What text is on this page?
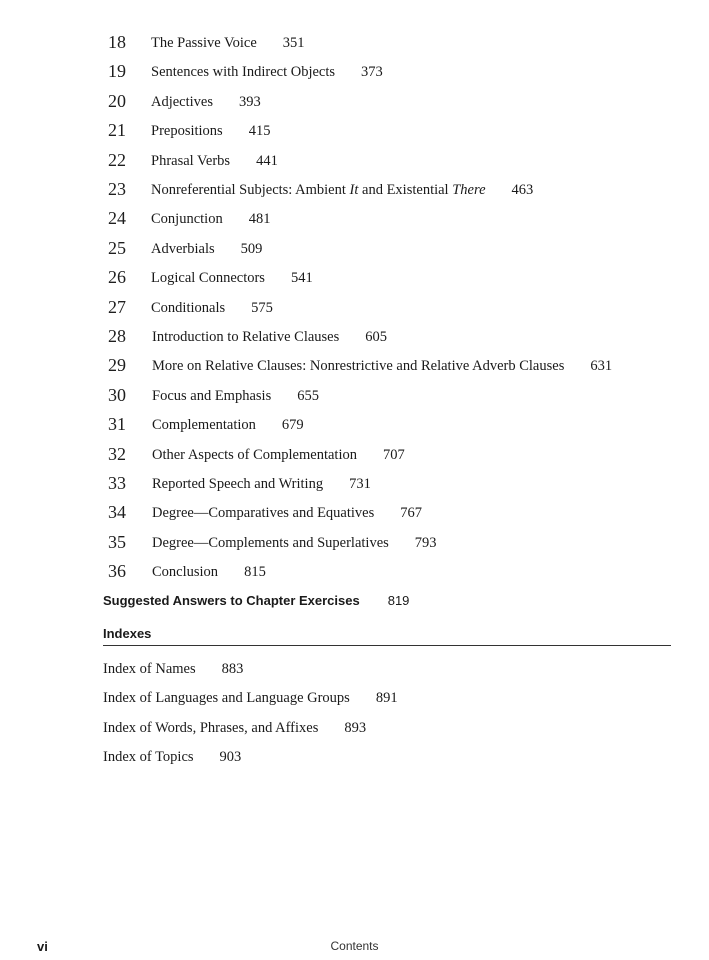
18 The Passive Voice 351
19 Sentences with Indirect Objects 373
20 Adjectives 393
21 Prepositions 415
22 Phrasal Verbs 441
23 Nonreferential Subjects: Ambient It and Existential There 463
24 Conjunction 481
25 Adverbials 509
26 Logical Connectors 541
27 Conditionals 575
28 Introduction to Relative Clauses 605
29 More on Relative Clauses: Nonrestrictive and Relative Adverb Clauses 631
30 Focus and Emphasis 655
31 Complementation 679
32 Other Aspects of Complementation 707
33 Reported Speech and Writing 731
34 Degree—Comparatives and Equatives 767
35 Degree—Complements and Superlatives 793
36 Conclusion 815
Suggested Answers to Chapter Exercises 819
Indexes
Index of Names 883
Index of Languages and Language Groups 891
Index of Words, Phrases, and Affixes 893
Index of Topics 903
vi	Contents
